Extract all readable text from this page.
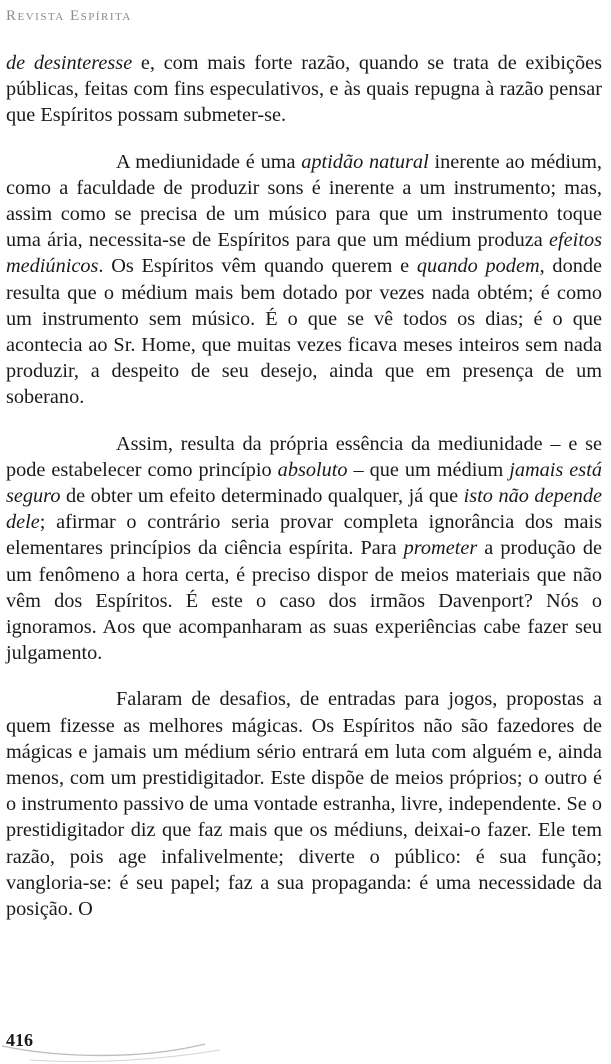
Revista Espírita

de desinteresse e, com mais forte razão, quando se trata de exibições públicas, feitas com fins especulativos, e às quais repugna à razão pensar que Espíritos possam submeter-se.

A mediunidade é uma aptidão natural inerente ao médium, como a faculdade de produzir sons é inerente a um instrumento; mas, assim como se precisa de um músico para que um instrumento toque uma ária, necessita-se de Espíritos para que um médium produza efeitos mediúnicos. Os Espíritos vêm quando querem e quando podem, donde resulta que o médium mais bem dotado por vezes nada obtém; é como um instrumento sem músico. É o que se vê todos os dias; é o que acontecia ao Sr. Home, que muitas vezes ficava meses inteiros sem nada produzir, a despeito de seu desejo, ainda que em presença de um soberano.

Assim, resulta da própria essência da mediunidade – e se pode estabelecer como princípio absoluto – que um médium jamais está seguro de obter um efeito determinado qualquer, já que isto não depende dele; afirmar o contrário seria provar completa ignorância dos mais elementares princípios da ciência espírita. Para prometer a produção de um fenômeno a hora certa, é preciso dispor de meios materiais que não vêm dos Espíritos. É este o caso dos irmãos Davenport? Nós o ignoramos. Aos que acompanharam as suas experiências cabe fazer seu julgamento.

Falaram de desafios, de entradas para jogos, propostas a quem fizesse as melhores mágicas. Os Espíritos não são fazedores de mágicas e jamais um médium sério entrará em luta com alguém e, ainda menos, com um prestidigitador. Este dispõe de meios próprios; o outro é o instrumento passivo de uma vontade estranha, livre, independente. Se o prestidigitador diz que faz mais que os médiuns, deixai-o fazer. Ele tem razão, pois age infalivelmente; diverte o público: é sua função; vangloria-se: é seu papel; faz a sua propaganda: é uma necessidade da posição. O

416
